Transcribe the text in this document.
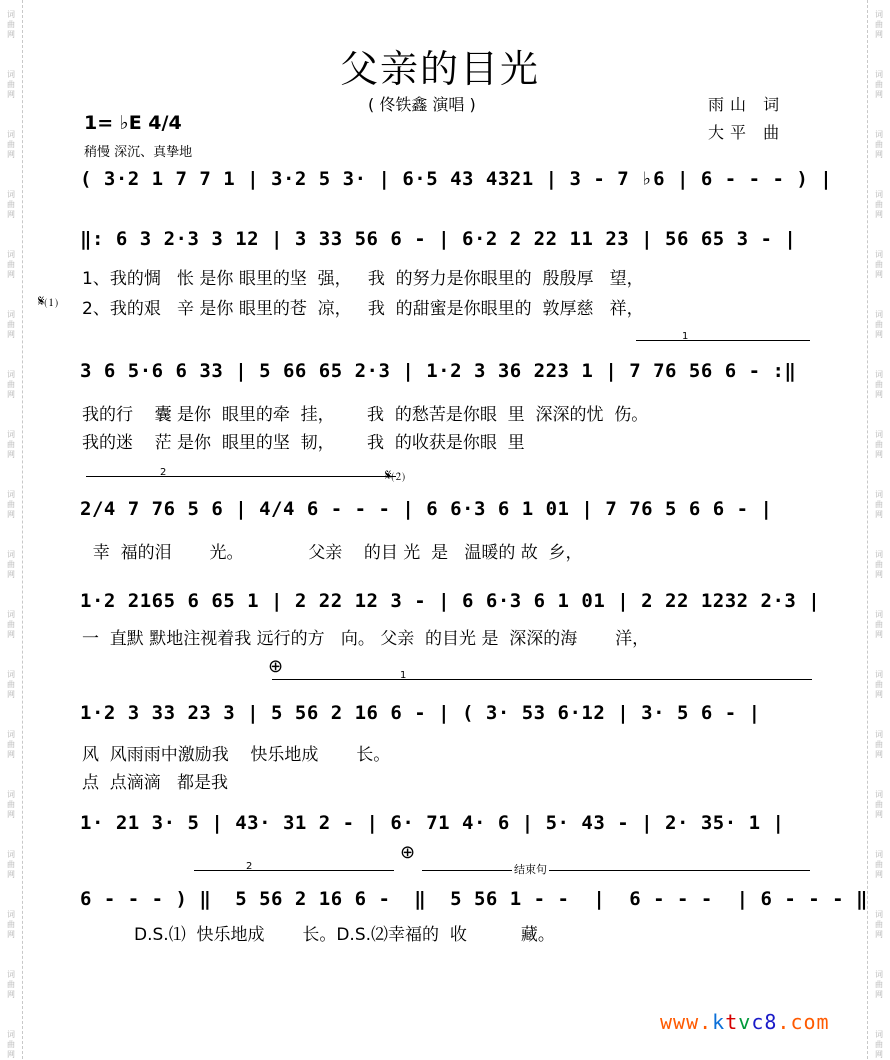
词
曲
网
词
曲
网
词
曲
网
词
曲
网
词
曲
网
词
曲
网
词
曲
网
词
曲
网
词
曲
网
词
曲
网
词
曲
网
词
曲
网
词
曲
网
词
曲
网
词
曲
网
词
曲
网
词
曲
网
词
曲
网
词
曲
网
词
曲
网
词
曲
网
词
曲
网
词
曲
网
词
曲
网
词
曲
网
词
曲
网
词
曲
网
词
曲
网
词
曲
网
词
曲
网
词
曲
网
词
曲
网
词
曲
网
词
曲
网
词
曲
网
词
曲
网
父亲的目光
( 佟铁鑫 演唱 )	雨山 词
大平 曲
1= ♭E 4/4
稍慢 深沉、真挚地
( 3·2 1 7 7 1 | 3·2 5 3· | 6·5 43 4321 | 3 - 7 ♭6 | 6 - - - ) |
‖: 6 3 2·3 3 12 | 3 33 56 6 - | 6·2 2 22 11 23 | 56 65 3 - |
1、我的惆   怅 是你 眼里的坚  强，   我  的努力是你眼里的  殷殷厚   望，
𝄋⑴ 2、我的艰   辛 是你 眼里的苍  凉，   我  的甜蜜是你眼里的  敦厚慈   祥，
1
3 6 5·6 6 33 | 5 66 65 2·3 | 1·2 3 36 223 1 | 7 76 56 6 - :‖
我的行    囊 是你  眼里的牵  挂，      我  的愁苦是你眼  里  深深的忧  伤。
我的迷    茫 是你  眼里的坚  韧，      我  的收获是你眼  里
2	𝄋⑵
2/4 7 76 5 6 | 4/4 6 - - - | 6 6·3 6 1 01 | 7 76 5 6 6 - |
幸  福的泪       光。            父亲    的目 光  是   温暖的 故  乡，
1·2 2165 6 65 1 | 2 22 12 3 - | 6 6·3 6 1 01 | 2 22 1232 2·3 |
一  直默 默地注视着我 远行的方   向。 父亲  的目光 是  深深的海       洋，
⊕	1
1·2 3 33 23 3 | 5 56 2 16 6 - | ( 3· 53 6·12 | 3· 5 6 - |
风  风雨雨中激励我    快乐地成       长。
点  点滴滴   都是我
1· 21 3· 5 | 43· 31 2 - | 6· 71 4· 6 | 5· 43 - | 2· 35· 1 |
2
⊕
结束句
6 - - - ) ‖  5 56 2 16 6 -  ‖  5 56 1 - -  |  6 - - -  | 6 - - - ‖
D.S.⑴  快乐地成       长。D.S.⑵幸福的  收          藏。
www.ktvc8.com
